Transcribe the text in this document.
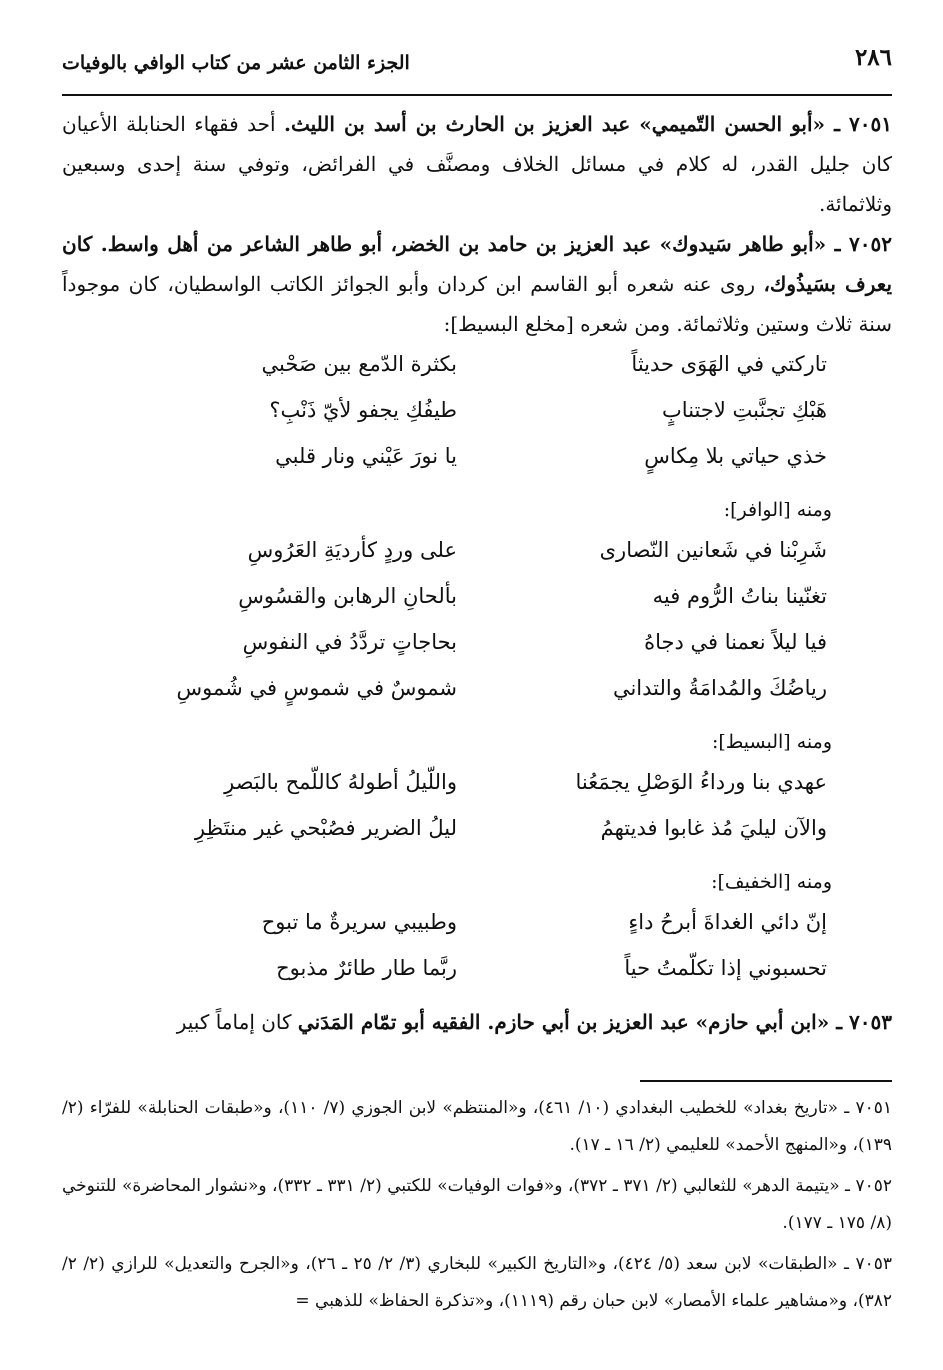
٢٨٦
الجزء الثامن عشر من كتاب الوافي بالوفيات

٧٠٥١ ـ «أبو الحسن التّميمي» عبد العزيز بن الحارث بن أسد بن الليث. أحد فقهاء الحنابلة الأعيان كان جليل القدر، له كلام في مسائل الخلاف ومصنَّف في الفرائض، وتوفي سنة إحدى وسبعين وثلاثمائة.

٧٠٥٢ ـ «أبو طاهر سَيدوك» عبد العزيز بن حامد بن الخضر، أبو طاهر الشاعر من أهل واسط. كان يعرف بسَيذُوك، روى عنه شعره أبو القاسم ابن كردان وأبو الجوائز الكاتب الواسطيان، كان موجوداً سنة ثلاث وستين وثلاثمائة. ومن شعره [مخلع البسيط]:

تاركتي في الهَوَى حديثاً
بكثرة الدّمع بين صَحْبي
هَبْكِ تجنَّبتِ لاجتنابٍ
طيفُكِ يجفو لأيّ ذَنْبِ؟
خذي حياتي بلا مِكاسٍ
يا نورَ عَيْني ونار قلبي
ومنه [الوافر]:
شَرِبْنا في شَعانين النّصارى
على وردٍ كأرديَةِ العَرُوسِ
تغنّينا بناتُ الرُّوم فيه
بألحانِ الرهابن والقسُوسِ
فيا ليلاً نعمنا في دجاهُ
بحاجاتٍ تردَّدُ في النفوسِ
رياضُكَ والمُدامَةُ والتداني
شموسٌ في شموسٍ في شُموسِ
ومنه [البسيط]:
عهدي بنا ورداءُ الوَصْلِ يجمَعُنا
واللّيلُ أطولهُ كاللّمح بالبَصرِ
والآن ليليَ مُذ غابوا فديتهمُ
ليلُ الضرير فصُبْحي غير منتَظِرِ
ومنه [الخفيف]:
إنّ دائي الغداةَ أبرحُ داءٍ
وطبيبي سريرةٌ ما تبوح
تحسبوني إذا تكلّمتُ حياً
ربَّما طار طائرٌ مذبوح

٧٠٥٣ ـ «ابن أبي حازم» عبد العزيز بن أبي حازم. الفقيه أبو تمّام المَدَني كان إماماً كبير

٧٠٥١ ـ «تاريخ بغداد» للخطيب البغدادي (١٠/ ٤٦١)، و«المنتظم» لابن الجوزي (٧/ ١١٠)، و«طبقات الحنابلة» للفرّاء (٢/ ١٣٩)، و«المنهج الأحمد» للعليمي (٢/ ١٦ ـ ١٧).

٧٠٥٢ ـ «يتيمة الدهر» للثعالبي (٢/ ٣٧١ ـ ٣٧٢)، و«فوات الوفيات» للكتبي (٢/ ٣٣١ ـ ٣٣٢)، و«نشوار المحاضرة» للتنوخي (٨/ ١٧٥ ـ ١٧٧).

٧٠٥٣ ـ «الطبقات» لابن سعد (٥/ ٤٢٤)، و«التاريخ الكبير» للبخاري (٣/ ٢/ ٢٥ ـ ٢٦)، و«الجرح والتعديل» للرازي (٢/ ٢/ ٣٨٢)، و«مشاهير علماء الأمصار» لابن حبان رقم (١١١٩)، و«تذكرة الحفاظ» للذهبي =
